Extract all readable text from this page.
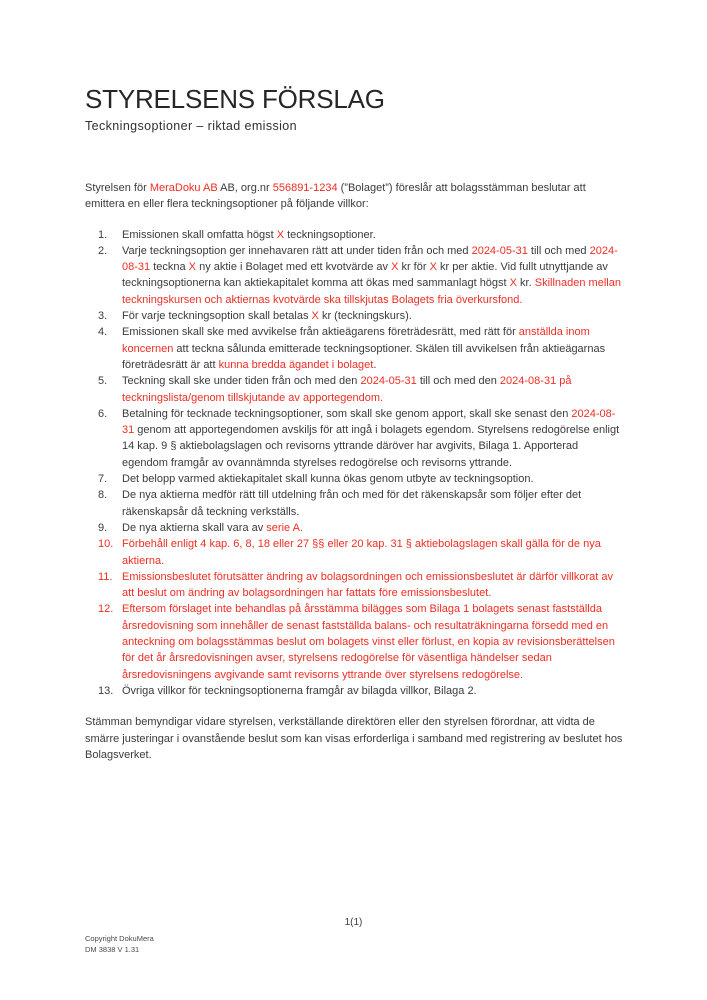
STYRELSENS FÖRSLAG
Teckningsoptioner – riktad emission

Styrelsen för MeraDoku AB AB, org.nr 556891-1234 (”Bolaget”) föreslår att bolagsstämman beslutar att emittera en eller flera teckningsoptioner på följande villkor:

1. Emissionen skall omfatta högst X teckningsoptioner.
2. Varje teckningsoption ger innehavaren rätt att under tiden från och med 2024-05-31 till och med 2024-08-31 teckna X ny aktie i Bolaget med ett kvotvärde av X kr för X kr per aktie. Vid fullt utnyttjande av teckningsoptionerna kan aktiekapitalet komma att ökas med sammanlagt högst X kr. Skillnaden mellan teckningskursen och aktiernas kvotvärde ska tillskjutas Bolagets fria överkursfond.
3. För varje teckningsoption skall betalas X kr (teckningskurs).
4. Emissionen skall ske med avvikelse från aktieägarens företrädesrätt, med rätt för anställda inom koncernen att teckna sålunda emitterade teckningsoptioner. Skälen till avvikelsen från aktieägarnas företrädesrätt är att kunna bredda ägandet i bolaget.
5. Teckning skall ske under tiden från och med den 2024-05-31 till och med den 2024-08-31 på teckningslista/genom tillskjutande av apportegendom.
6. Betalning för tecknade teckningsoptioner, som skall ske genom apport, skall ske senast den 2024-08-31 genom att apportegendomen avskiljs för att ingå i bolagets egendom. Styrelsens redogörelse enligt 14 kap. 9 § aktiebolagslagen och revisorns yttrande däröver har avgivits, Bilaga 1. Apporterad egendom framgår av ovannämnda styrelses redogörelse och revisorns yttrande.
7. Det belopp varmed aktiekapitalet skall kunna ökas genom utbyte av teckningsoption.
8. De nya aktierna medför rätt till utdelning från och med för det räkenskapsår som följer efter det räkenskapsår då teckning verkställs.
9. De nya aktierna skall vara av serie A.
10. Förbehåll enligt 4 kap. 6, 8, 18 eller 27 §§ eller 20 kap. 31 § aktiebolagslagen skall gälla för de nya aktierna.
11. Emissionsbeslutet förutsätter ändring av bolagsordningen och emissionsbeslutet är därför villkorat av att beslut om ändring av bolagsordningen har fattats före emissionsbeslutet.
12. Eftersom förslaget inte behandlas på årsstämma bilägges som Bilaga 1 bolagets senast fastställda årsredovisning som innehåller de senast fastställda balans- och resultaträkningarna försedd med en anteckning om bolagsstämmas beslut om bolagets vinst eller förlust, en kopia av revisionsberättelsen för det år årsredovisningen avser, styrelsens redogörelse för väsentliga händelser sedan årsredovisningens avgivande samt revisorns yttrande över styrelsens redogörelse.
13. Övriga villkor för teckningsoptionerna framgår av bilagda villkor, Bilaga 2.

Stämman bemyndigar vidare styrelsen, verkställande direktören eller den styrelsen förordnar, att vidta de smärre justeringar i ovanstående beslut som kan visas erforderliga i samband med registrering av beslutet hos Bolagsverket.

1(1)
Copyright DokuMera
DM 3838 V 1.31
